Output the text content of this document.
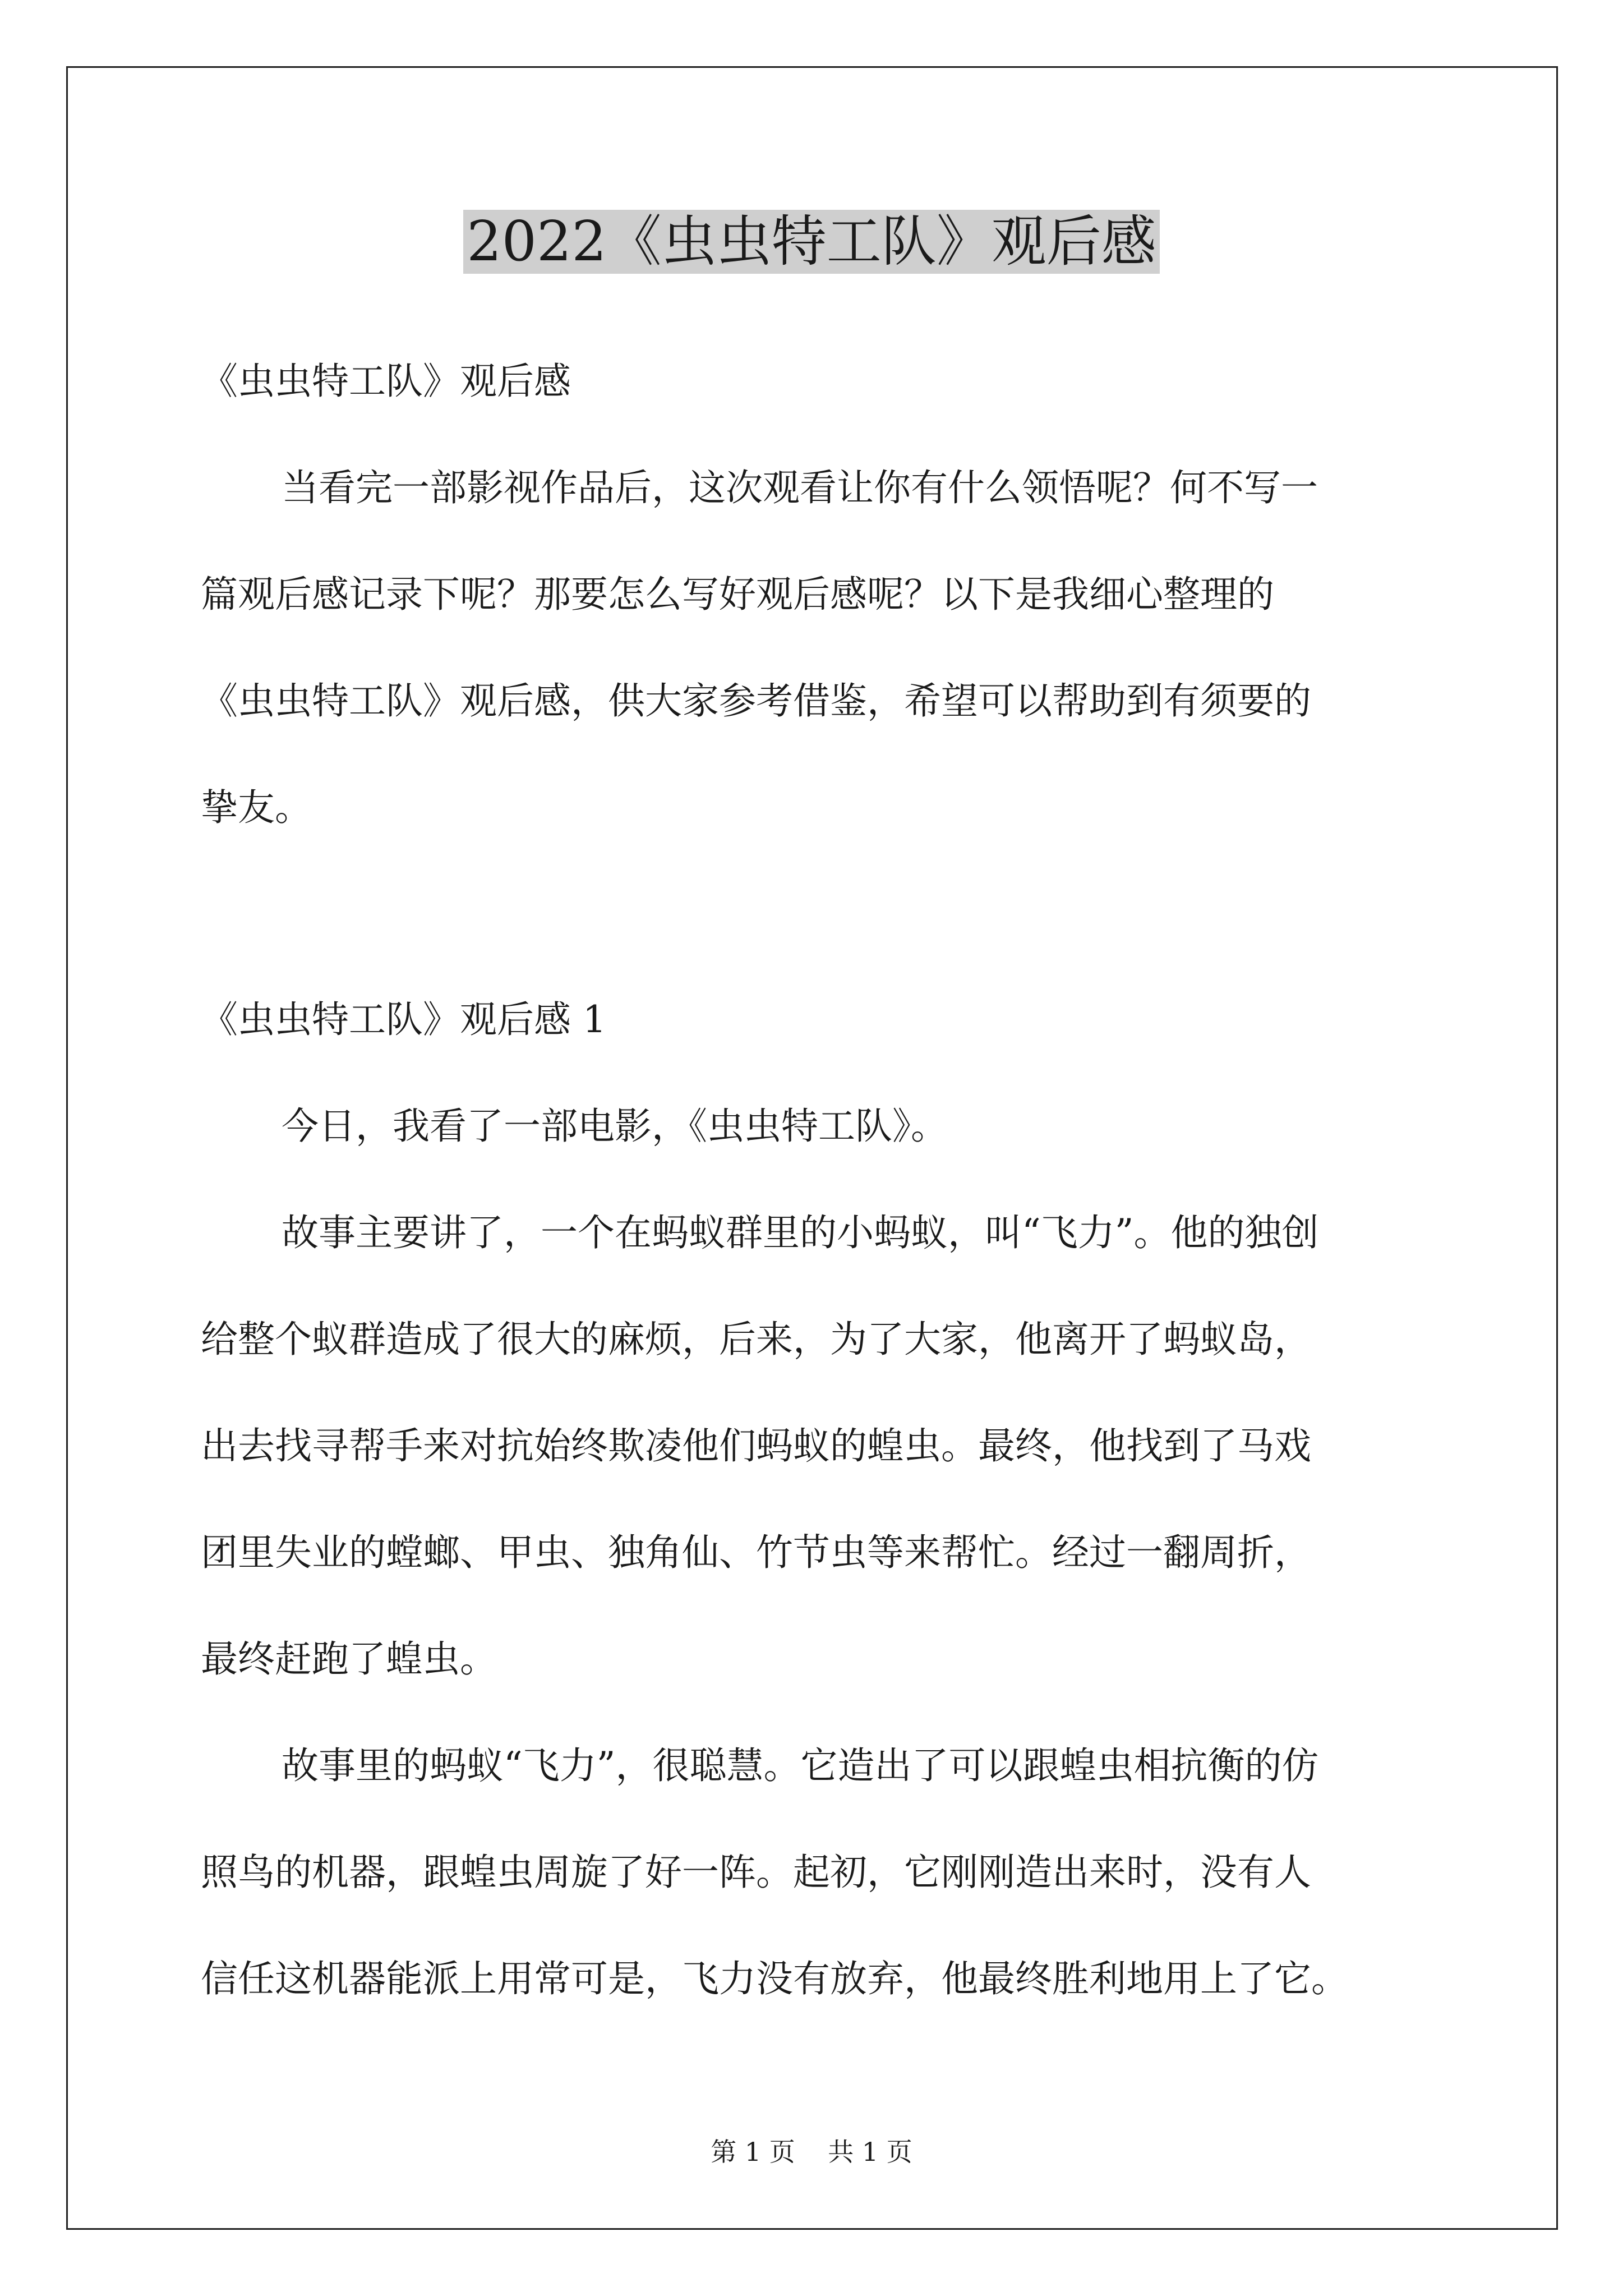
2022《虫虫特工队》观后感
《虫虫特工队》观后感
当看完一部影视作品后，这次观看让你有什么领悟呢？何不写一
篇观后感记录下呢？那要怎么写好观后感呢？以下是我细心整理的
《虫虫特工队》观后感，供大家参考借鉴，希望可以帮助到有须要的
挚友。
《虫虫特工队》观后感 1
今日，我看了一部电影，《虫虫特工队》。
故事主要讲了，一个在蚂蚁群里的小蚂蚁，叫“飞力”。他的独创
给整个蚁群造成了很大的麻烦，后来，为了大家，他离开了蚂蚁岛，
出去找寻帮手来对抗始终欺凌他们蚂蚁的蝗虫。最终，他找到了马戏
团里失业的螳螂、甲虫、独角仙、竹节虫等来帮忙。经过一翻周折，
最终赶跑了蝗虫。
故事里的蚂蚁“飞力”，很聪慧。它造出了可以跟蝗虫相抗衡的仿
照鸟的机器，跟蝗虫周旋了好一阵。起初，它刚刚造出来时，没有人
信任这机器能派上用常可是，飞力没有放弃，他最终胜利地用上了它。
第 1 页    共 1 页
